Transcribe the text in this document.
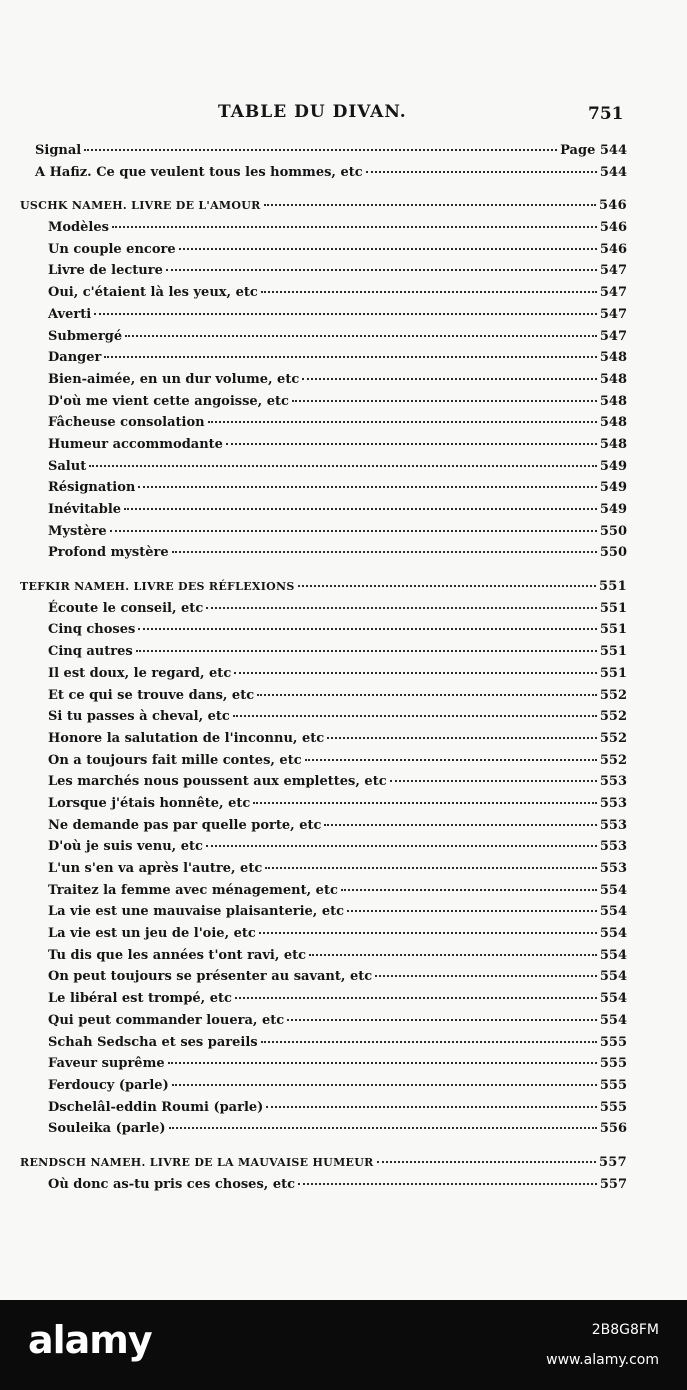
TABLE DU DIVAN.	751
Signal	Page 544
A Hafiz. Ce que veulent tous les hommes, etc	544
USCHK NAMEH. LIVRE DE L'AMOUR	546
Modèles	546
Un couple encore	546
Livre de lecture	547
Oui, c'étaient là les yeux, etc	547
Averti	547
Submergé	547
Danger	548
Bien-aimée, en un dur volume, etc	548
D'où me vient cette angoisse, etc	548
Fâcheuse consolation	548
Humeur accommodante	548
Salut	549
Résignation	549
Inévitable	549
Mystère	550
Profond mystère	550
TEFKIR NAMEH. LIVRE DES RÉFLEXIONS	551
Écoute le conseil, etc	551
Cinq choses	551
Cinq autres	551
Il est doux, le regard, etc	551
Et ce qui se trouve dans, etc	552
Si tu passes à cheval, etc	552
Honore la salutation de l'inconnu, etc	552
On a toujours fait mille contes, etc	552
Les marchés nous poussent aux emplettes, etc	553
Lorsque j'étais honnête, etc	553
Ne demande pas par quelle porte, etc	553
D'où je suis venu, etc	553
L'un s'en va après l'autre, etc	553
Traitez la femme avec ménagement, etc	554
La vie est une mauvaise plaisanterie, etc	554
La vie est un jeu de l'oie, etc	554
Tu dis que les années t'ont ravi, etc	554
On peut toujours se présenter au savant, etc	554
Le libéral est trompé, etc	554
Qui peut commander louera, etc	554
Schah Sedscha et ses pareils	555
Faveur suprême	555
Ferdoucy (parle)	555
Dschelâl-eddin Roumi (parle)	555
Souleika (parle)	556
RENDSCH NAMEH. LIVRE DE LA MAUVAISE HUMEUR	557
Où donc as-tu pris ces choses, etc	557
alamy	2B8G8FM
www.alamy.com
